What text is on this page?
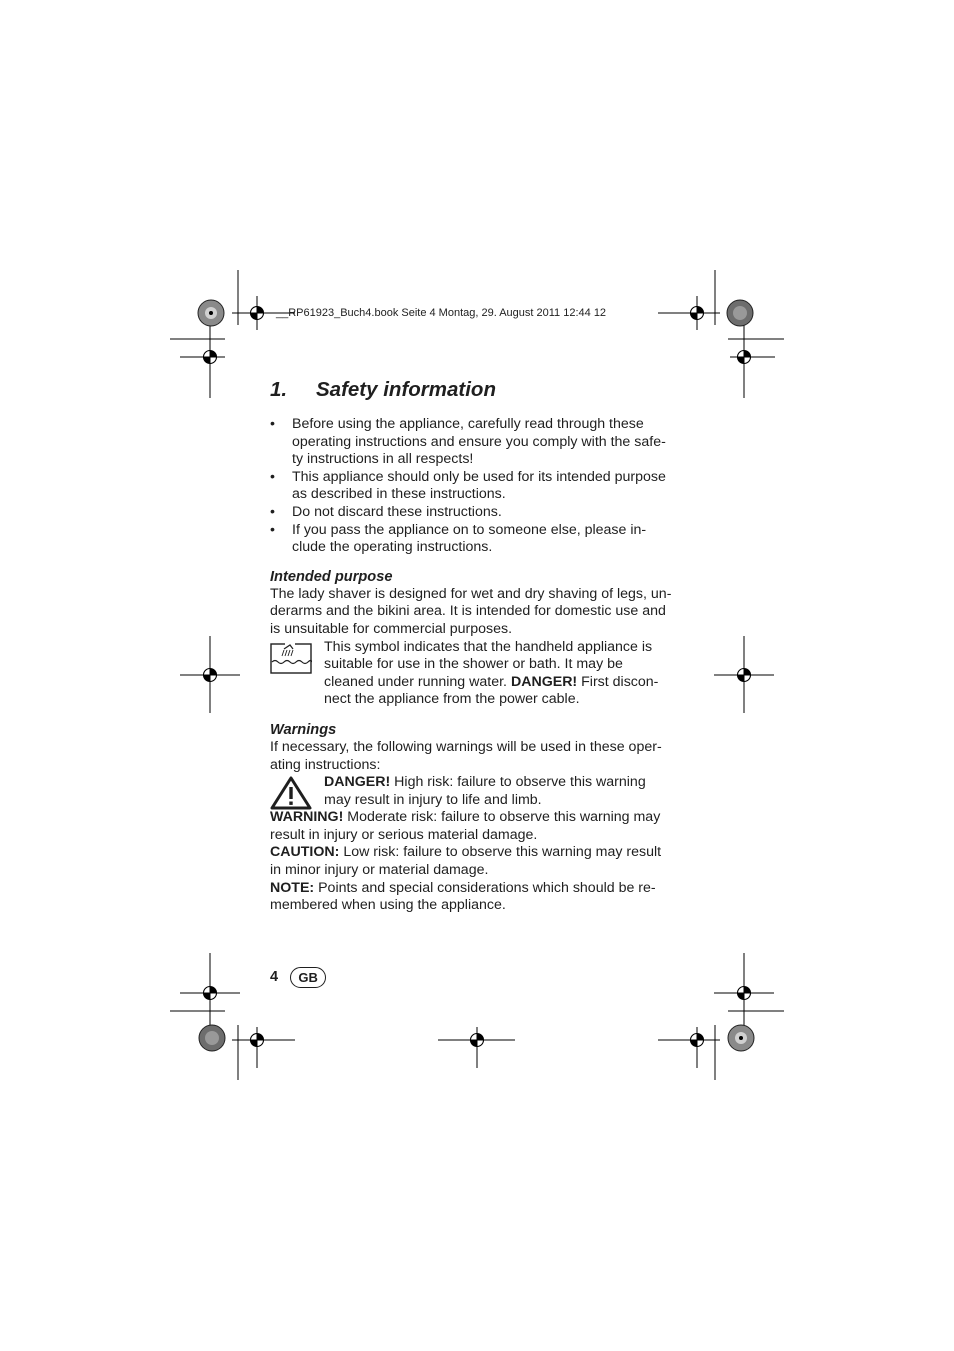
__RP61923_Buch4.book Seite 4 Montag, 29. August 2011 12:44 12
1. Safety information
• Before using the appliance, carefully read through these operating instructions and ensure you comply with the safe-ty instructions in all respects!
• This appliance should only be used for its intended purpose as described in these instructions.
• Do not discard these instructions.
• If you pass the appliance on to someone else, please in-clude the operating instructions.
Intended purpose

The lady shaver is designed for wet and dry shaving of legs, un-derarms and the bikini area. It is intended for domestic use and is unsuitable for commercial purposes.

This symbol indicates that the handheld appliance is suitable for use in the shower or bath. It may be cleaned under running water. DANGER! First discon-nect the appliance from the power cable.

Warnings

If necessary, the following warnings will be used in these oper-ating instructions:

DANGER! High risk: failure to observe this warning may result in injury to life and limb.

WARNING! Moderate risk: failure to observe this warning may result in injury or serious material damage.

CAUTION: Low risk: failure to observe this warning may result in minor injury or material damage.

NOTE: Points and special considerations which should be re-membered when using the appliance.

4	GB
